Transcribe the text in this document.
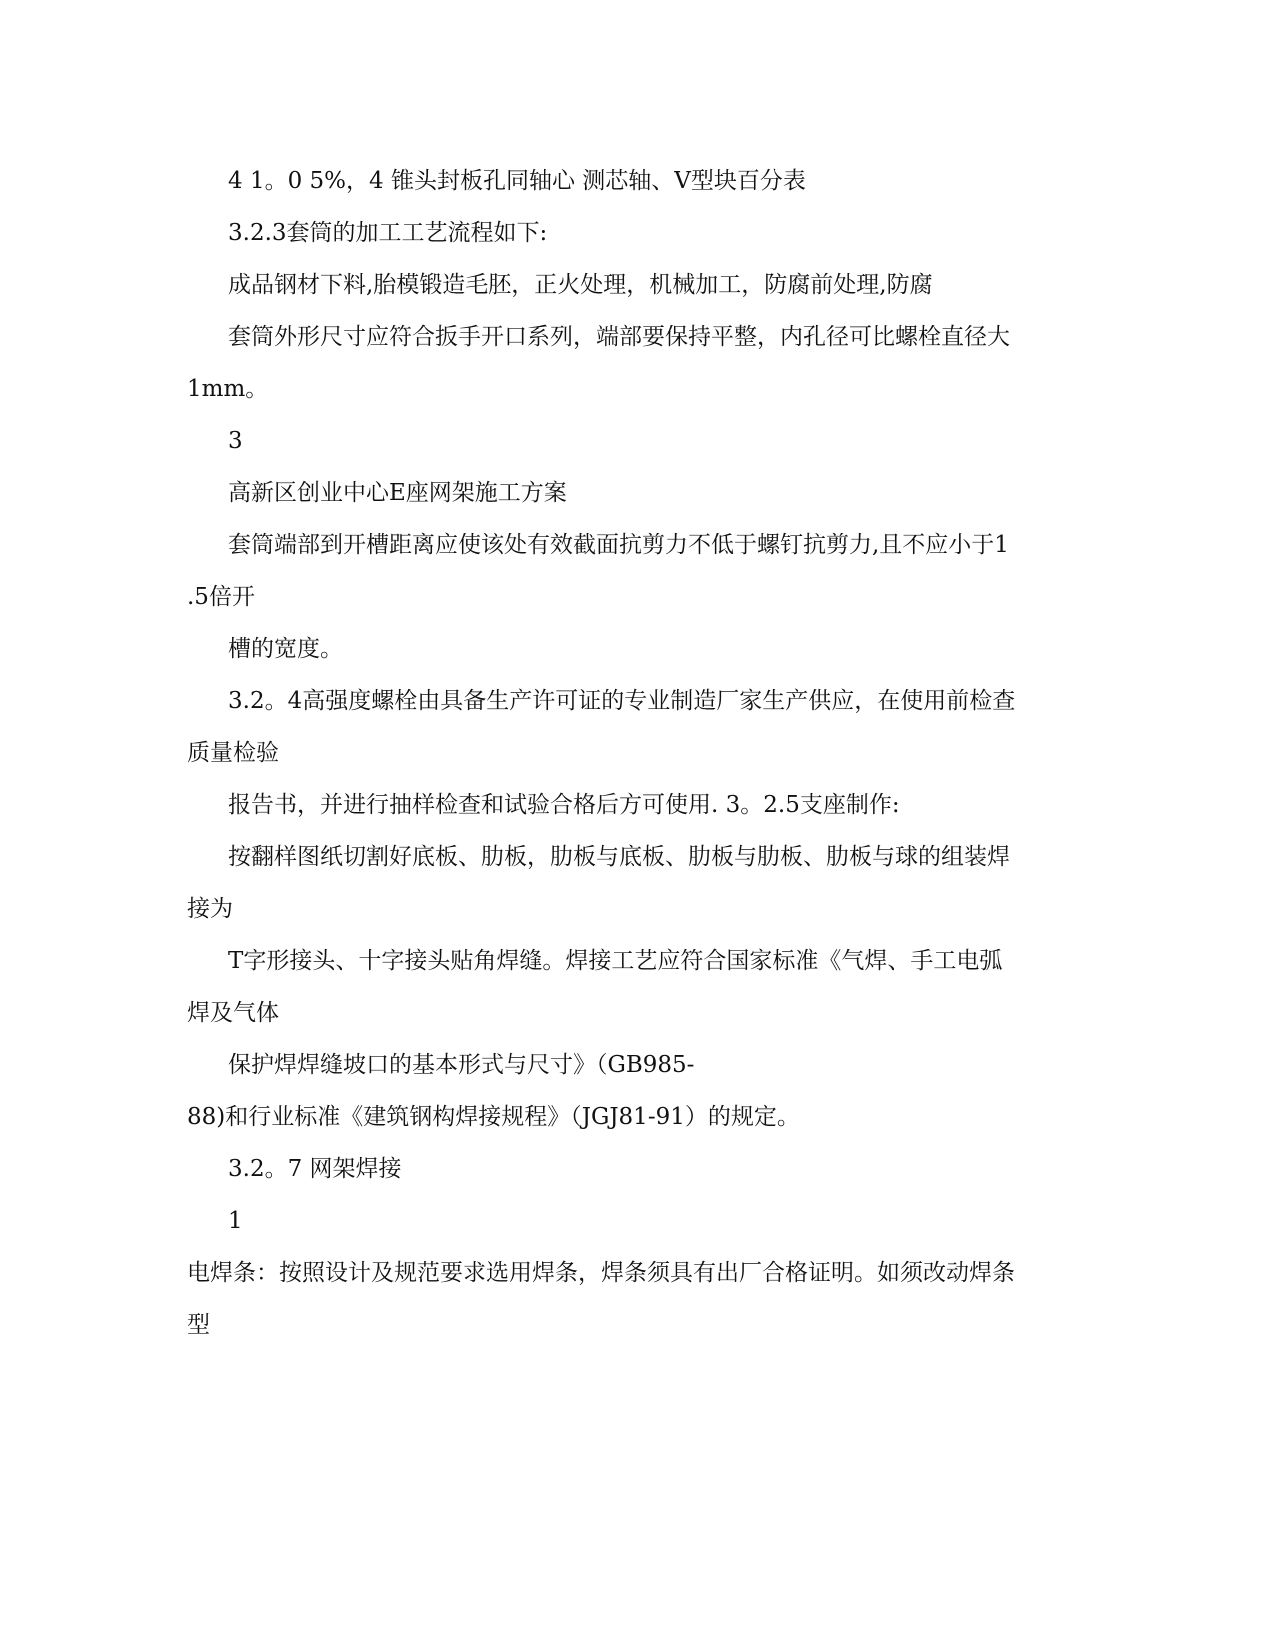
4 1。0 5%，4 锥头封板孔同轴心 测芯轴、V型块百分表
3.2.3套筒的加工工艺流程如下:
成品钢材下料,胎模锻造毛胚，正火处理，机械加工，防腐前处理,防腐
套筒外形尺寸应符合扳手开口系列，端部要保持平整，内孔径可比螺栓直径大
1mm。
3
高新区创业中心E座网架施工方案
套筒端部到开槽距离应使该处有效截面抗剪力不低于螺钉抗剪力,且不应小于1
.5倍开
槽的宽度。
3.2。4高强度螺栓由具备生产许可证的专业制造厂家生产供应，在使用前检查
质量检验
报告书，并进行抽样检查和试验合格后方可使用. 3。2.5支座制作:
按翻样图纸切割好底板、肋板，肋板与底板、肋板与肋板、肋板与球的组装焊
接为
T字形接头、十字接头贴角焊缝。焊接工艺应符合国家标准《气焊、手工电弧
焊及气体
保护焊焊缝坡口的基本形式与尺寸》（GB985-
88)和行业标准《建筑钢构焊接规程》（JGJ81-91）的规定。
3.2。7 网架焊接
1
电焊条：按照设计及规范要求选用焊条，焊条须具有出厂合格证明。如须改动焊条
型
